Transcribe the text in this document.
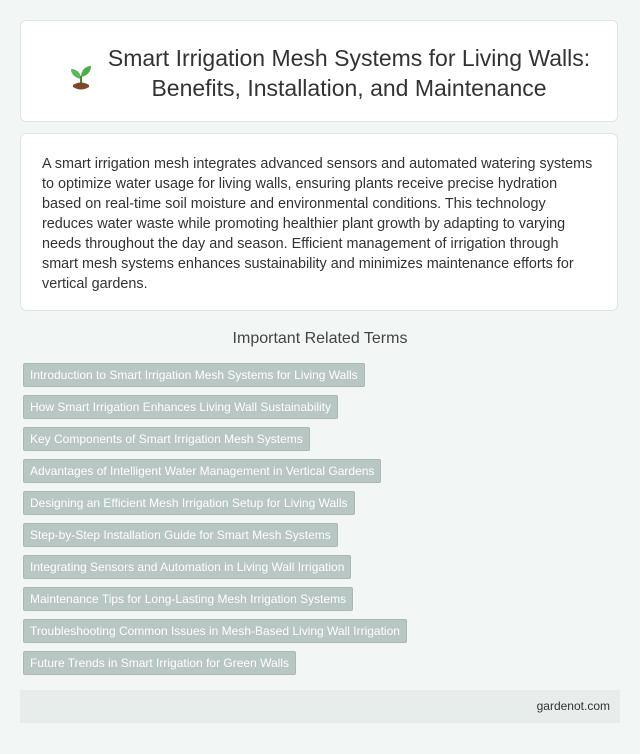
Smart Irrigation Mesh Systems for Living Walls: Benefits, Installation, and Maintenance

A smart irrigation mesh integrates advanced sensors and automated watering systems to optimize water usage for living walls, ensuring plants receive precise hydration based on real-time soil moisture and environmental conditions. This technology reduces water waste while promoting healthier plant growth by adapting to varying needs throughout the day and season. Efficient management of irrigation through smart mesh systems enhances sustainability and minimizes maintenance efforts for vertical gardens.

Important Related Terms
Introduction to Smart Irrigation Mesh Systems for Living Walls
How Smart Irrigation Enhances Living Wall Sustainability
Key Components of Smart Irrigation Mesh Systems
Advantages of Intelligent Water Management in Vertical Gardens
Designing an Efficient Mesh Irrigation Setup for Living Walls
Step-by-Step Installation Guide for Smart Mesh Systems
Integrating Sensors and Automation in Living Wall Irrigation
Maintenance Tips for Long-Lasting Mesh Irrigation Systems
Troubleshooting Common Issues in Mesh-Based Living Wall Irrigation
Future Trends in Smart Irrigation for Green Walls
gardenot.com
